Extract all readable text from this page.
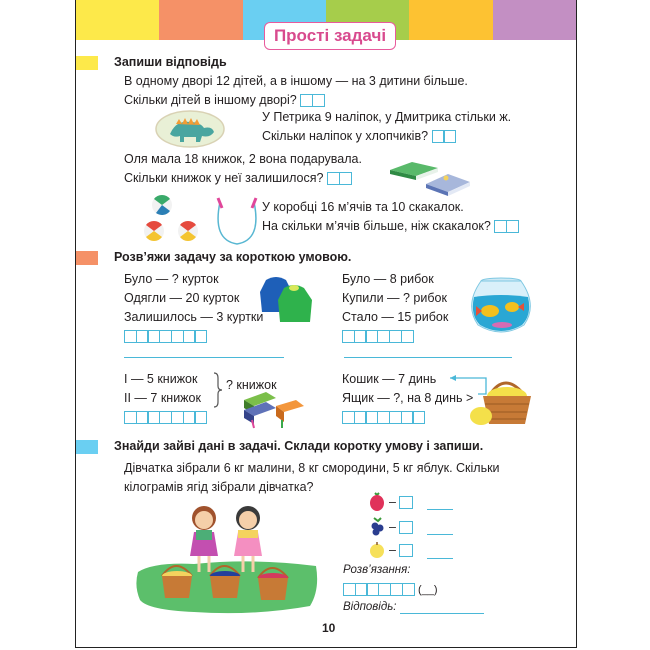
Прості задачі
Запиши відповідь
В одному дворі 12 дітей, а в іншому — на 3 дитини більше.
Скільки дітей в іншому дворі?
У Петрика 9 наліпок, у Дмитрика стільки ж.
Скільки наліпок у хлопчиків?
Оля мала 18 книжок, 2 вона подарувала.
Скільки книжок у неї залишилося?
У коробці 16 м’ячів та 10 скакалок.
На скільки м’ячів більше, ніж скакалок?
Розв’яжи задачу за короткою умовою.
Було — ? курток
Одягли — 20 курток
Залишилось — 3 куртки
Було — 8 рибок
Купили — ? рибок
Стало — 15 рибок
I — 5 книжок
II — 7 книжок
? книжок	Кошик — 7 динь
Ящик — ?, на 8 динь >
Знайди зайві дані в задачі. Склади коротку умову і запиши.
Дівчатка зібрали 6 кг малини, 8 кг смородини, 5 кг яблук. Скільки
кілограмів ягід зібрали дівчатка?
–
–
–
Розв’язання:
(__)
Відповідь:
10
